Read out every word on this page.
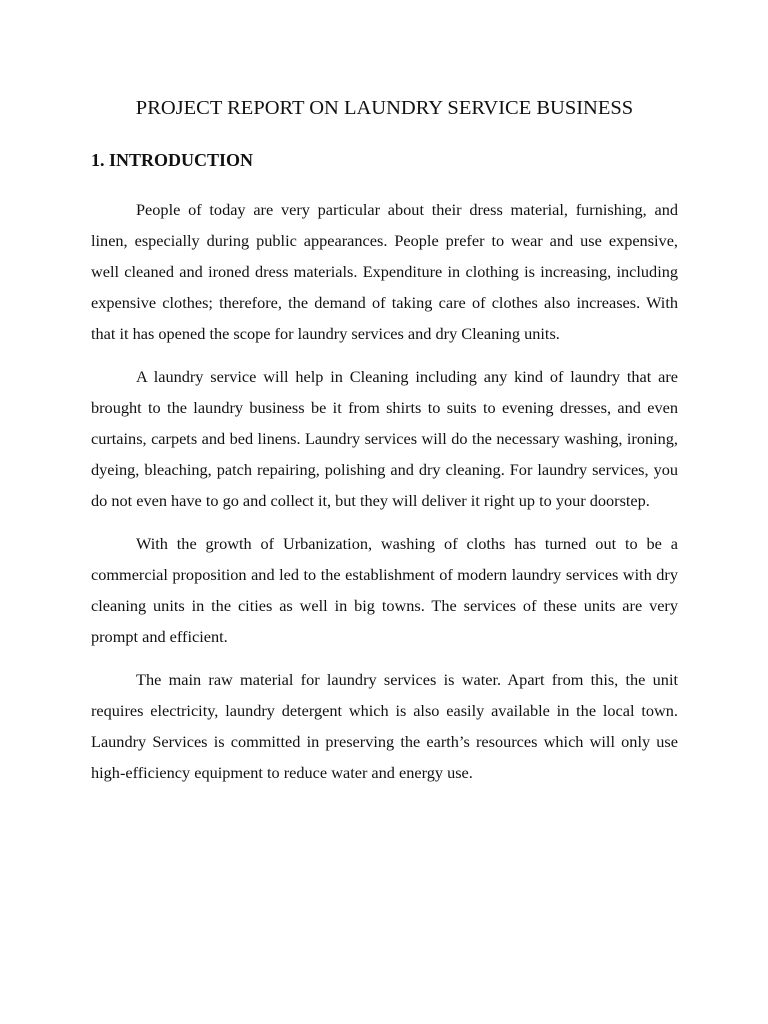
PROJECT REPORT ON LAUNDRY SERVICE BUSINESS
1. INTRODUCTION

People of today are very particular about their dress material, furnishing, and linen, especially during public appearances. People prefer to wear and use expensive, well cleaned and ironed dress materials. Expenditure in clothing is increasing, including expensive clothes; therefore, the demand of taking care of clothes also increases. With that it has opened the scope for laundry services and dry Cleaning units.

A laundry service will help in Cleaning including any kind of laundry that are brought to the laundry business be it from shirts to suits to evening dresses, and even curtains, carpets and bed linens. Laundry services will do the necessary washing, ironing, dyeing, bleaching, patch repairing, polishing and dry cleaning. For laundry services, you do not even have to go and collect it, but they will deliver it right up to your doorstep.

With the growth of Urbanization, washing of cloths has turned out to be a commercial proposition and led to the establishment of modern laundry services with dry cleaning units in the cities as well in big towns. The services of these units are very prompt and efficient.

The main raw material for laundry services is water. Apart from this, the unit requires electricity, laundry detergent which is also easily available in the local town. Laundry Services is committed in preserving the earth’s resources which will only use high-efficiency equipment to reduce water and energy use.
